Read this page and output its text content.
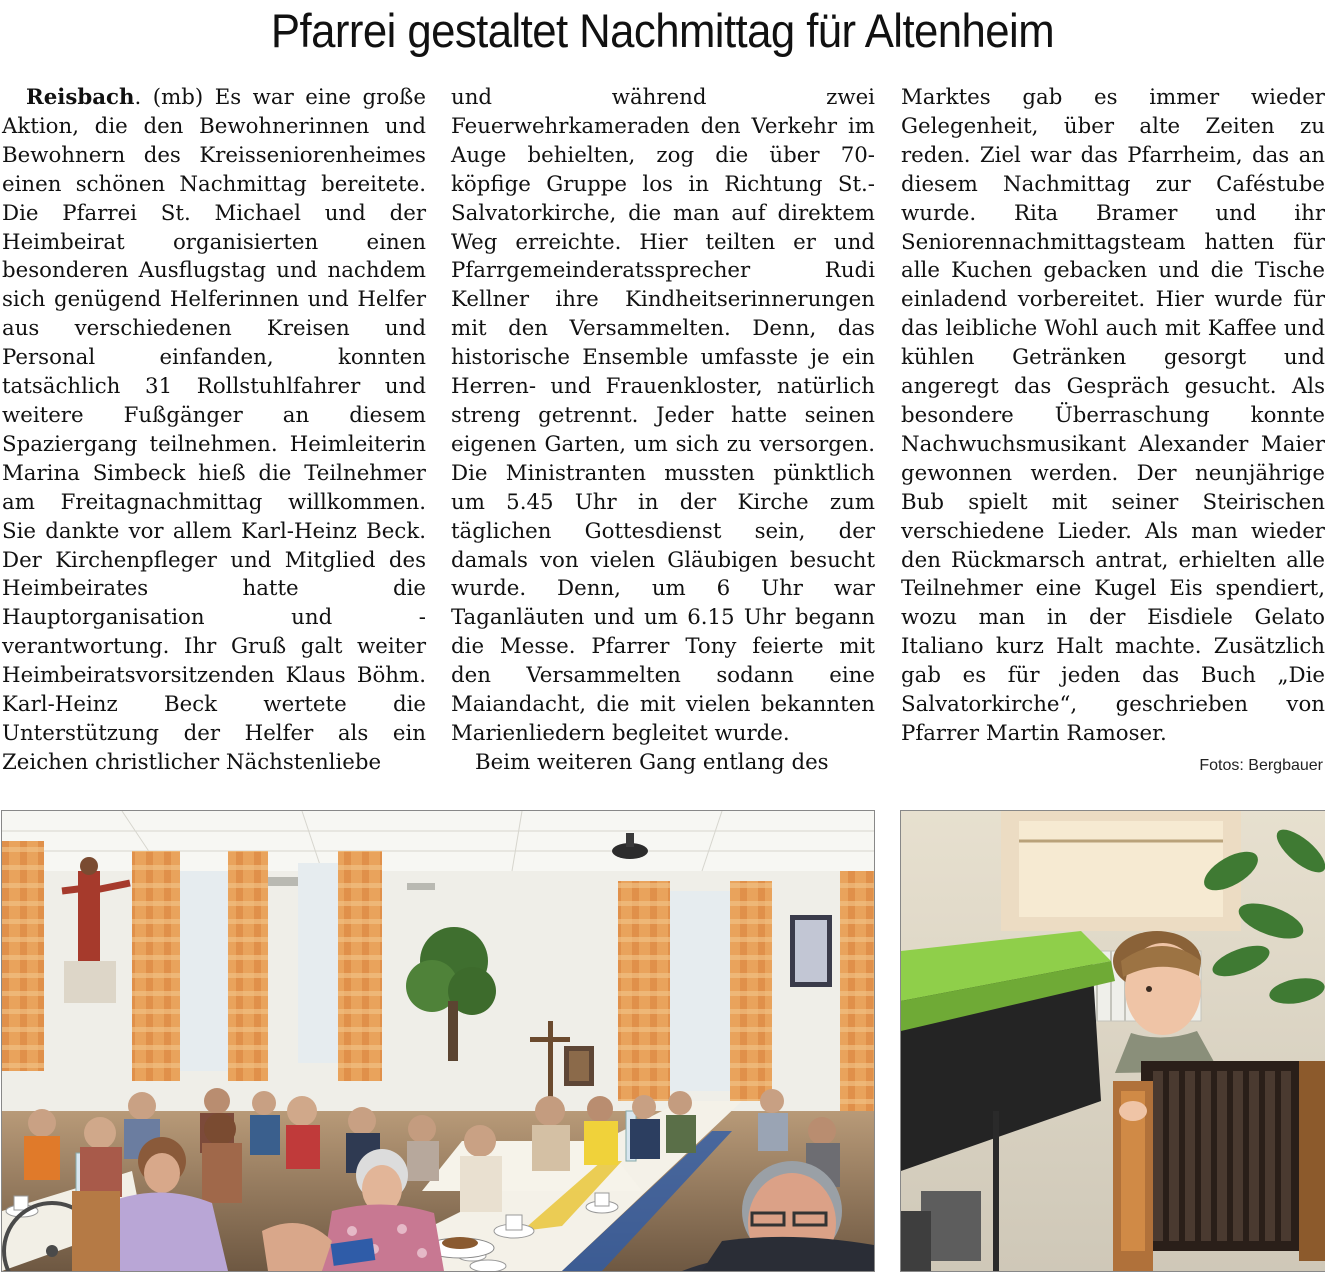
Pfarrei gestaltet Nachmittag für Altenheim

Reisbach. (mb) Es war eine große Aktion, die den Bewohnerinnen und Bewohnern des Kreisseniorenheimes einen schönen Nachmittag bereitete. Die Pfarrei St. Michael und der Heimbeirat organisierten einen besonderen Ausflugstag und nachdem sich genügend Helferinnen und Helfer aus verschiedenen Kreisen und Personal einfanden, konnten tatsächlich 31 Rollstuhlfahrer und weitere Fußgänger an diesem Spaziergang teilnehmen. Heimleiterin Marina Simbeck hieß die Teilnehmer am Freitagnachmittag willkommen. Sie dankte vor allem Karl-Heinz Beck. Der Kirchenpfleger und Mitglied des Heimbeirates hatte die Hauptorganisation und -verantwortung. Ihr Gruß galt weiter Heimbeiratsvorsitzenden Klaus Böhm. Karl-Heinz Beck wertete die Unterstützung der Helfer als ein Zeichen christlicher Nächstenliebe

und während zwei Feuerwehrkameraden den Verkehr im Auge behielten, zog die über 70-köpfige Gruppe los in Richtung St.-Salvatorkirche, die man auf direktem Weg erreichte. Hier teilten er und Pfarrgemeinderatssprecher Rudi Kellner ihre Kindheitserinnerungen mit den Versammelten. Denn, das historische Ensemble umfasste je ein Herren- und Frauenkloster, natürlich streng getrennt. Jeder hatte seinen eigenen Garten, um sich zu versorgen. Die Ministranten mussten pünktlich um 5.45 Uhr in der Kirche zum täglichen Gottesdienst sein, der damals von vielen Gläubigen besucht wurde. Denn, um 6 Uhr war Taganläuten und um 6.15 Uhr begann die Messe. Pfarrer Tony feierte mit den Versammelten sodann eine Maiandacht, die mit vielen bekannten Marienliedern begleitet wurde.

Beim weiteren Gang entlang des

Marktes gab es immer wieder Gelegenheit, über alte Zeiten zu reden. Ziel war das Pfarrheim, das an diesem Nachmittag zur Caféstube wurde. Rita Bramer und ihr Seniorennachmittagsteam hatten für alle Kuchen gebacken und die Tische einladend vorbereitet. Hier wurde für das leibliche Wohl auch mit Kaffee und kühlen Getränken gesorgt und angeregt das Gespräch gesucht. Als besondere Überraschung konnte Nachwuchsmusikant Alexander Maier gewonnen werden. Der neunjährige Bub spielt mit seiner Steirischen verschiedene Lieder. Als man wieder den Rückmarsch antrat, erhielten alle Teilnehmer eine Kugel Eis spendiert, wozu man in der Eisdiele Gelato Italiano kurz Halt machte. Zusätzlich gab es für jeden das Buch „Die Salvatorkirche“, geschrieben von Pfarrer Martin Ramoser.

Fotos: Bergbauer
